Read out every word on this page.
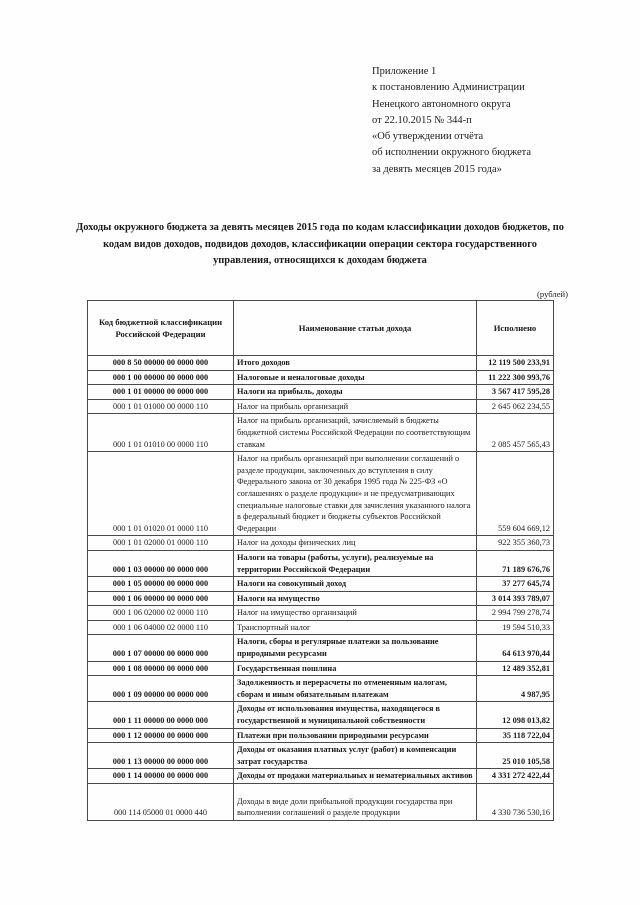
Приложение 1
к постановлению Администрации
Ненецкого автономного округа
от 22.10.2015 № 344-п
«Об утверждении отчёта
об исполнении окружного бюджета
за девять месяцев 2015 года»
Доходы окружного бюджета за девять месяцев 2015 года по кодам классификации доходов бюджетов, по кодам видов доходов, подвидов доходов, классификации операции сектора государственного управления, относящихся к доходам бюджета
(рублей)
Код бюджетной классификации Российской Федерации	Наименование статьи дохода	Исполнено
000 8 50 00000 00 0000 000	Итого доходов	12 119 500 233,91
000 1 00 00000 00 0000 000	Налоговые и неналоговые доходы	11 222 300 993,76
000 1 01 00000 00 0000 000	Налоги на прибыль, доходы	3 567 417 595,28
000 1 01 01000 00 0000 110	Налог на прибыль организаций	2 645 062 234,55
000 1 01 01010 00 0000 110	Налог на прибыль организаций, зачисляемый в бюджеты бюджетной системы Российской Федерации по соответствующим ставкам	2 085 457 565,43
000 1 01 01020 01 0000 110	Налог на прибыль организаций при выполнении соглашений о разделе продукции, заключенных до вступления в силу Федерального закона от 30 декабря 1995 года № 225-ФЗ «О соглашениях о разделе продукции» и не предусматривающих специальные налоговые ставки для зачисления указанного налога в федеральный бюджет и бюджеты субъектов Российской Федерации	559 604 669,12
000 1 01 02000 01 0000 110	Налог на доходы физических лиц	922 355 360,73
000 1 03 00000 00 0000 000	Налоги на товары (работы, услуги), реализуемые на территории Российской Федерации	71 189 676,76
000 1 05 00000 00 0000 000	Налоги на совокупный доход	37 277 645,74
000 1 06 00000 00 0000 000	Налоги на имущество	3 014 393 789,07
000 1 06 02000 02 0000 110	Налог на имущество организаций	2 994 799 278,74
000 1 06 04000 02 0000 110	Транспортный налог	19 594 510,33
000 1 07 00000 00 0000 000	Налоги, сборы и регулярные платежи за пользование природными ресурсами	64 613 970,44
000 1 08 00000 00 0000 000	Государственная пошлина	12 489 352,81
000 1 09 00000 00 0000 000	Задолженность и перерасчеты по отмененным налогам, сборам и иным обязательным платежам	4 987,95
000 1 11 00000 00 0000 000	Доходы от использования имущества, находящегося в государственной и муниципальной собственности	12 098 013,82
000 1 12 00000 00 0000 000	Платежи при пользовании природными ресурсами	35 118 722,04
000 1 13 00000 00 0000 000	Доходы от оказания платных услуг (работ) и компенсации затрат государства	25 010 105,58
000 1 14 00000 00 0000 000	Доходы от продажи материальных и нематериальных активов	4 331 272 422,44
000 114 05000 01 0000 440	Доходы в виде доли прибыльной продукции государства при выполнении соглашений о разделе продукции	4 330 736 530,16
